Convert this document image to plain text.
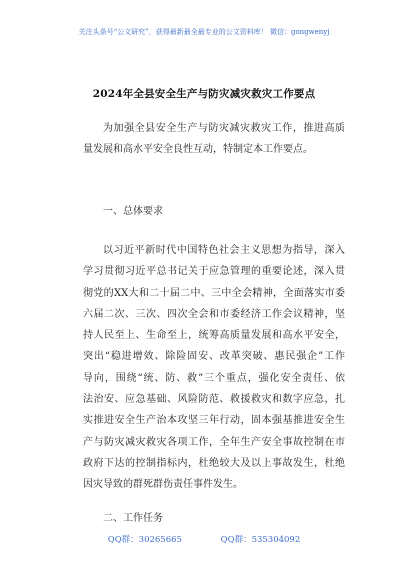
关注头条号“公文研究”，获得最新最全最专业的公文资料库！ 微信：gongwenyj
2024年全县安全生产与防灾减灾救灾工作要点
为加强全县安全生产与防灾减灾救灾工作，推进高质
量发展和高水平安全良性互动，特制定本工作要点。
一、总体要求
以习近平新时代中国特色社会主义思想为指导，深入
学习贯彻习近平总书记关于应急管理的重要论述，深入贯
彻党的XX大和二十届二中、三中全会精神，全面落实市委
六届二次、三次、四次全会和市委经济工作会议精神，坚
持人民至上、生命至上，统筹高质量发展和高水平安全，
突出“稳进增效、除险固安、改革突破、惠民强企”工作
导向，围绕“统、防、救”三个重点，强化安全责任、依
法治安、应急基础、风险防范、救援救灾和数字应急，扎
实推进安全生产治本攻坚三年行动，固本强基推进安全生
产与防灾减灾救灾各项工作，全年生产安全事故控制在市
政府下达的控制指标内，杜绝较大及以上事故发生，杜绝
因灾导致的群死群伤责任事件发生。
二、工作任务
QQ群：30265665	QQ群：535304092
